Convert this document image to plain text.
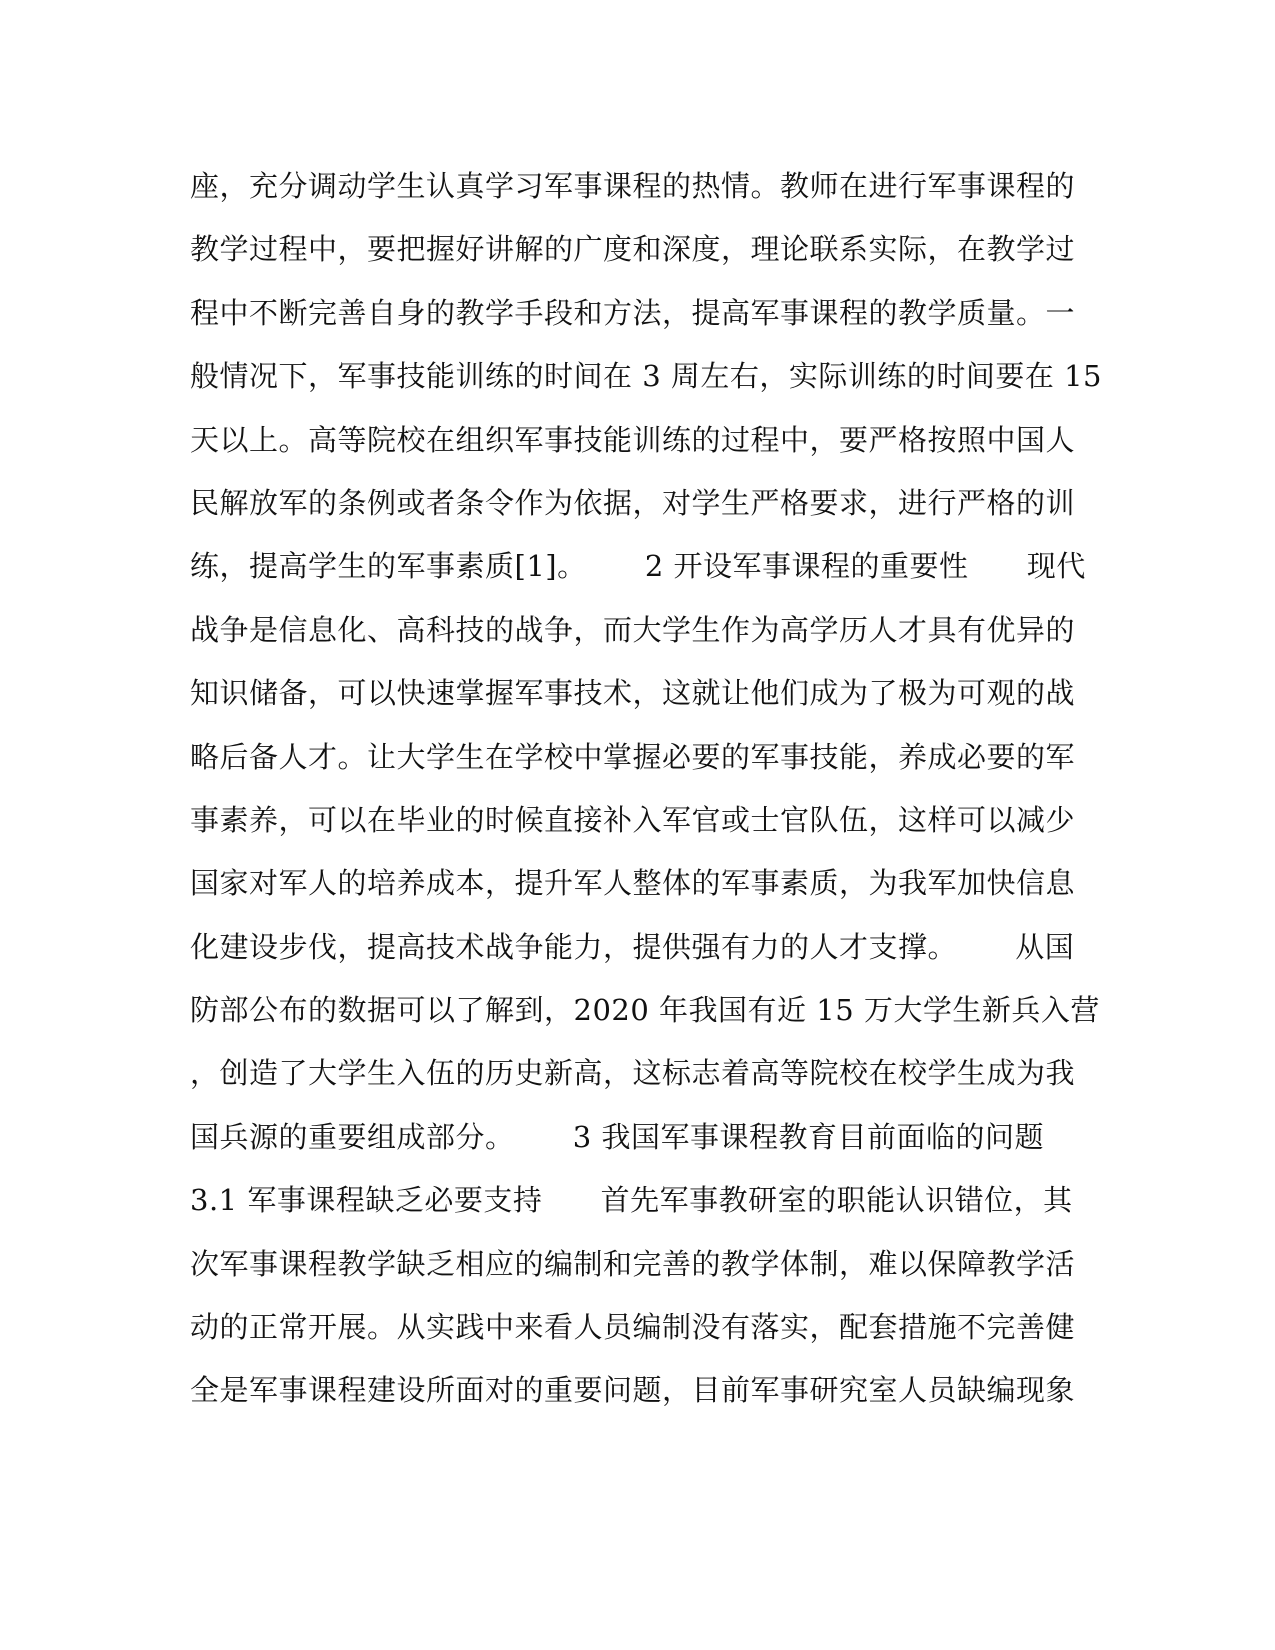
座，充分调动学生认真学习军事课程的热情。教师在进行军事课程的
教学过程中，要把握好讲解的广度和深度，理论联系实际，在教学过
程中不断完善自身的教学手段和方法，提高军事课程的教学质量。一
般情况下，军事技能训练的时间在 3 周左右，实际训练的时间要在 15
天以上。高等院校在组织军事技能训练的过程中，要严格按照中国人
民解放军的条例或者条令作为依据，对学生严格要求，进行严格的训
练，提高学生的军事素质[1]。      2 开设军事课程的重要性      现代
战争是信息化、高科技的战争，而大学生作为高学历人才具有优异的
知识储备，可以快速掌握军事技术，这就让他们成为了极为可观的战
略后备人才。让大学生在学校中掌握必要的军事技能，养成必要的军
事素养，可以在毕业的时候直接补入军官或士官队伍，这样可以减少
国家对军人的培养成本，提升军人整体的军事素质，为我军加快信息
化建设步伐，提高技术战争能力，提供强有力的人才支撑。      从国
防部公布的数据可以了解到，2020 年我国有近 15 万大学生新兵入营
，创造了大学生入伍的历史新高，这标志着高等院校在校学生成为我
国兵源的重要组成部分。      3 我国军事课程教育目前面临的问题
3.1 军事课程缺乏必要支持      首先军事教研室的职能认识错位，其
次军事课程教学缺乏相应的编制和完善的教学体制，难以保障教学活
动的正常开展。从实践中来看人员编制没有落实，配套措施不完善健
全是军事课程建设所面对的重要问题，目前军事研究室人员缺编现象
